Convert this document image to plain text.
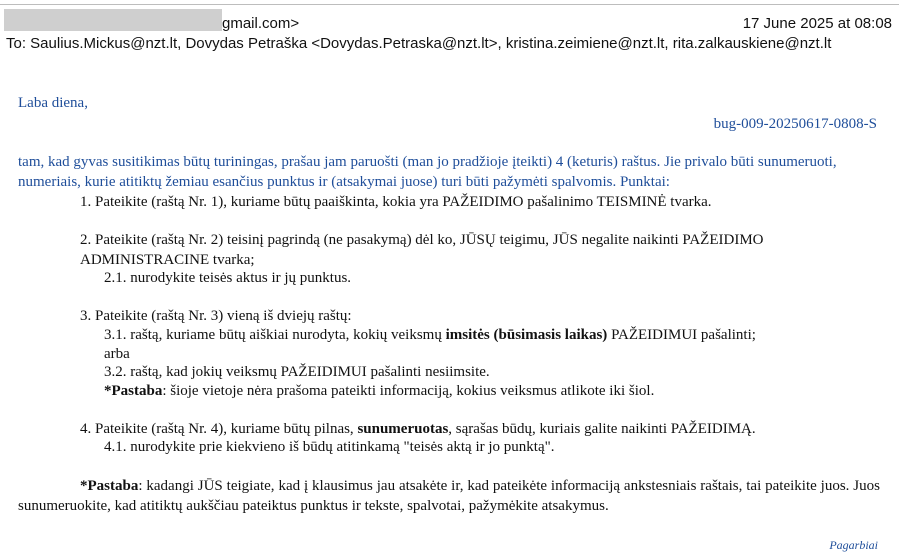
gmail.com>	17 June 2025 at 08:08
To: Saulius.Mickus@nzt.lt, Dovydas Petraška <Dovydas.Petraska@nzt.lt>, kristina.zeimiene@nzt.lt, rita.zalkauskiene@nzt.lt
Laba diena,
bug-009-20250617-0808-S
tam, kad gyvas susitikimas būtų turiningas, prašau jam paruošti (man jo pradžioje įteikti) 4 (keturis) raštus. Jie privalo būti sunumeruoti, numeriais, kurie atitiktų žemiau esančius punktus ir (atsakymai juose) turi būti pažymėti spalvomis. Punktai:
1. Pateikite (raštą Nr. 1), kuriame būtų paaiškinta, kokia yra PAŽEIDIMO pašalinimo TEISMINĖ tvarka.
2. Pateikite (raštą Nr. 2) teisinį pagrindą (ne pasakymą) dėl ko, JŪSŲ teigimu, JŪS negalite naikinti PAŽEIDIMO ADMINISTRACINE tvarka;
2.1. nurodykite teisės aktus ir jų punktus.
3. Pateikite (raštą Nr. 3) vieną iš dviejų raštų:
3.1. raštą, kuriame būtų aiškiai nurodyta, kokių veiksmų imsitės (būsimasis laikas) PAŽEIDIMUI pašalinti;
arba
3.2. raštą, kad jokių veiksmų PAŽEIDIMUI pašalinti nesiimsite.
*Pastaba: šioje vietoje nėra prašoma pateikti informaciją, kokius veiksmus atlikote iki šiol.
4. Pateikite (raštą Nr. 4), kuriame būtų pilnas, sunumeruotas, sąrašas būdų, kuriais galite naikinti PAŽEIDIMĄ.
4.1. nurodykite prie kiekvieno iš būdų atitinkamą "teisės aktą ir jo punktą".
*Pastaba: kadangi JŪS teigiate, kad į klausimus jau atsakėte ir, kad pateikėte informaciją ankstesniais raštais, tai pateikite juos. Juos sunumeruokite, kad atitiktų aukščiau pateiktus punktus ir tekste, spalvotai, pažymėkite atsakymus.
Pagarbiai
